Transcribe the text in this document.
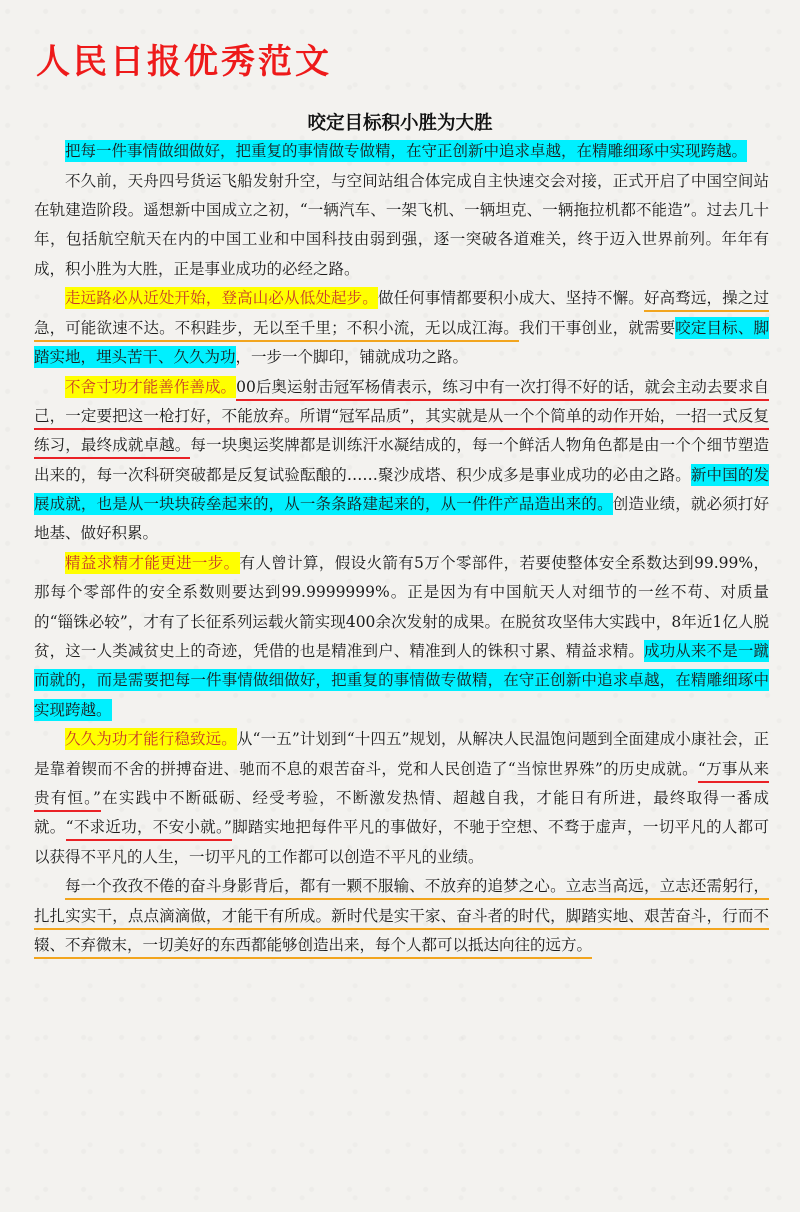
人民日报优秀范文
咬定目标积小胜为大胜

把每一件事情做细做好，把重复的事情做专做精，在守正创新中追求卓越，在精雕细琢中实现跨越。

不久前，天舟四号货运飞船发射升空，与空间站组合体完成自主快速交会对接，正式开启了中国空间站在轨建造阶段。遥想新中国成立之初，“一辆汽车、一架飞机、一辆坦克、一辆拖拉机都不能造”。过去几十年，包括航空航天在内的中国工业和中国科技由弱到强，逐一突破各道难关，终于迈入世界前列。年年有成，积小胜为大胜，正是事业成功的必经之路。

走远路必从近处开始，登高山必从低处起步。做任何事情都要积小成大、坚持不懈。好高骛远，操之过急，可能欲速不达。不积跬步，无以至千里；不积小流，无以成江海。我们干事创业，就需要咬定目标、脚踏实地，埋头苦干、久久为功，一步一个脚印，铺就成功之路。

不舍寸功才能善作善成。00后奥运射击冠军杨倩表示，练习中有一次打得不好的话，就会主动去要求自己，一定要把这一枪打好，不能放弃。所谓“冠军品质”，其实就是从一个个简单的动作开始，一招一式反复练习，最终成就卓越。每一块奥运奖牌都是训练汗水凝结成的，每一个鲜活人物角色都是由一个个细节塑造出来的，每一次科研突破都是反复试验酝酿的……聚沙成塔、积少成多是事业成功的必由之路。新中国的发展成就，也是从一块块砖垒起来的，从一条条路建起来的，从一件件产品造出来的。创造业绩，就必须打好地基、做好积累。

精益求精才能更进一步。有人曾计算，假设火箭有5万个零部件，若要使整体安全系数达到99.99%，那每个零部件的安全系数则要达到99.9999999%。正是因为有中国航天人对细节的一丝不苟、对质量的“锱铢必较”，才有了长征系列运载火箭实现400余次发射的成果。在脱贫攻坚伟大实践中，8年近1亿人脱贫，这一人类减贫史上的奇迹，凭借的也是精准到户、精准到人的铢积寸累、精益求精。成功从来不是一蹴而就的，而是需要把每一件事情做细做好，把重复的事情做专做精，在守正创新中追求卓越，在精雕细琢中实现跨越。

久久为功才能行稳致远。从“一五”计划到“十四五”规划，从解决人民温饱问题到全面建成小康社会，正是靠着锲而不舍的拼搏奋进、驰而不息的艰苦奋斗，党和人民创造了“当惊世界殊”的历史成就。“万事从来贵有恒。”在实践中不断砥砺、经受考验，不断激发热情、超越自我，才能日有所进，最终取得一番成就。“不求近功，不安小就。”脚踏实地把每件平凡的事做好，不驰于空想、不骛于虚声，一切平凡的人都可以获得不平凡的人生，一切平凡的工作都可以创造不平凡的业绩。

每一个孜孜不倦的奋斗身影背后，都有一颗不服输、不放弃的追梦之心。立志当高远，立志还需躬行，扎扎实实干，点点滴滴做，才能干有所成。新时代是实干家、奋斗者的时代，脚踏实地、艰苦奋斗，行而不辍、不弃微末，一切美好的东西都能够创造出来，每个人都可以抵达向往的远方。
